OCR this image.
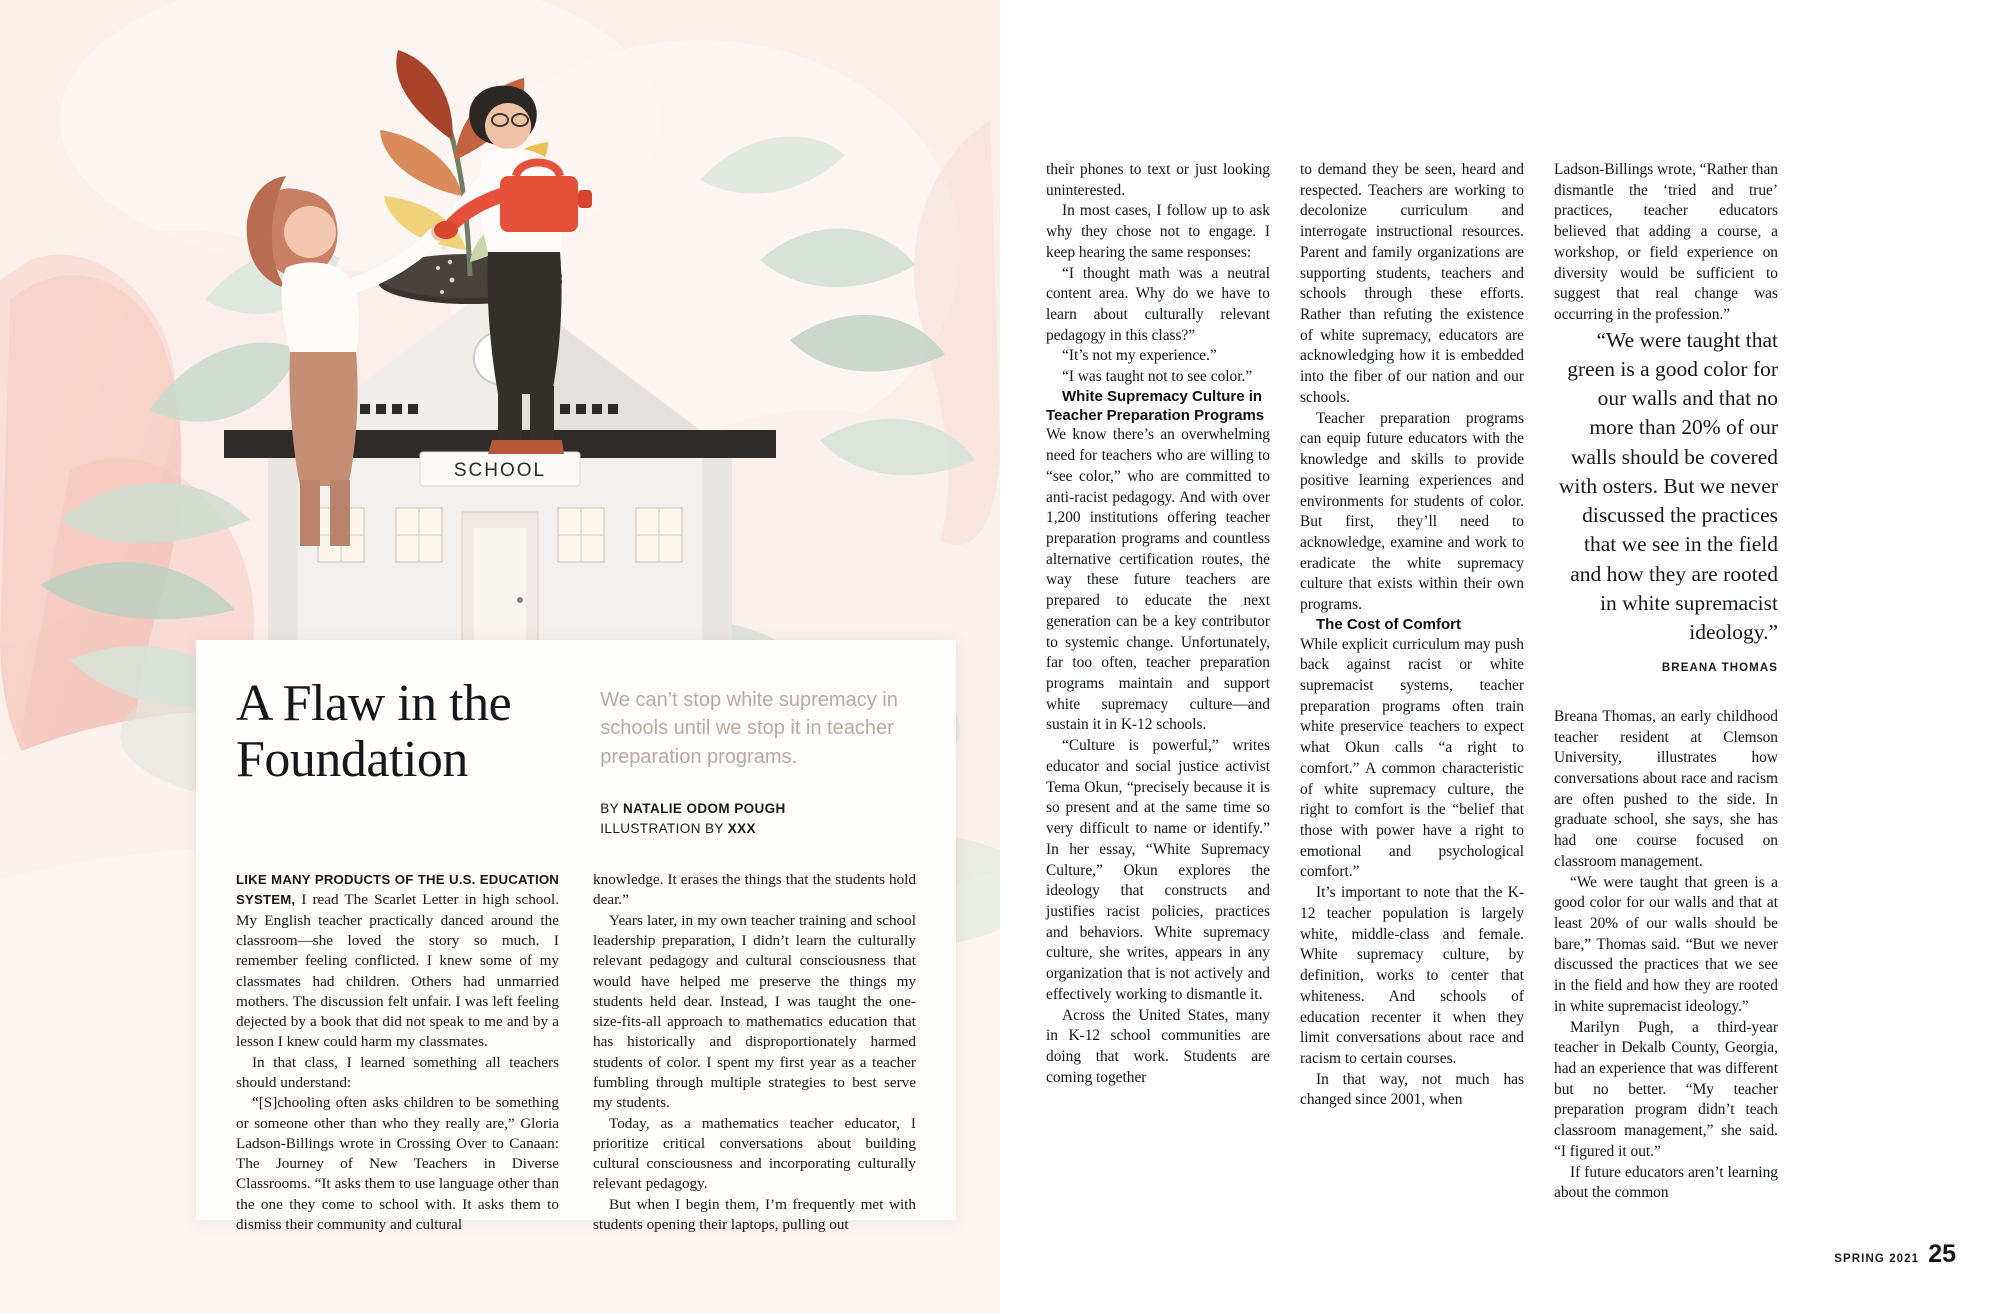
SCHOOL
A Flaw in the Foundation

We can’t stop white supremacy in schools until we stop it in teacher preparation programs.

BY NATALIE ODOM POUGH

ILLUSTRATION BY XXX

LIKE MANY PRODUCTS OF THE U.S. EDUCATION SYSTEM, I read The Scarlet Letter in high school. My English teacher practically danced around the classroom—she loved the story so much. I remember feeling conflicted. I knew some of my classmates had children. Others had unmarried mothers. The discussion felt unfair. I was left feeling dejected by a book that did not speak to me and by a lesson I knew could harm my classmates.

In that class, I learned something all teachers should understand:

“[S]chooling often asks children to be something or someone other than who they really are,” Gloria Ladson-Billings wrote in Crossing Over to Canaan: The Journey of New Teachers in Diverse Classrooms. “It asks them to use language other than the one they come to school with. It asks them to dismiss their community and cultural

knowledge. It erases the things that the students hold dear.”

Years later, in my own teacher training and school leadership preparation, I didn’t learn the culturally relevant pedagogy and cultural consciousness that would have helped me preserve the things my students held dear. Instead, I was taught the one-size-fits-all approach to mathematics education that has historically and disproportionately harmed students of color. I spent my first year as a teacher fumbling through multiple strategies to best serve my students.

Today, as a mathematics teacher educator, I prioritize critical conversations about building cultural consciousness and incorporating culturally relevant pedagogy.

But when I begin them, I’m frequently met with students opening their laptops, pulling out

their phones to text or just looking uninterested.

In most cases, I follow up to ask why they chose not to engage. I keep hearing the same responses:

“I thought math was a neutral content area. Why do we have to learn about culturally relevant pedagogy in this class?”

“It’s not my experience.”

“I was taught not to see color.”

White Supremacy Culture in Teacher Preparation Programs

We know there’s an overwhelming need for teachers who are willing to “see color,” who are committed to anti-racist pedagogy. And with over 1,200 institutions offering teacher preparation programs and countless alternative certification routes, the way these future teachers are prepared to educate the next generation can be a key contributor to systemic change. Unfortunately, far too often, teacher preparation programs maintain and support white supremacy culture—and sustain it in K-12 schools.

“Culture is powerful,” writes educator and social justice activist Tema Okun, “precisely because it is so present and at the same time so very difficult to name or identify.” In her essay, “White Supremacy Culture,” Okun explores the ideology that constructs and justifies racist policies, practices and behaviors. White supremacy culture, she writes, appears in any organization that is not actively and effectively working to dismantle it.

Across the United States, many in K-12 school communities are doing that work. Students are coming together

to demand they be seen, heard and respected. Teachers are working to decolonize curriculum and interrogate instructional resources. Parent and family organizations are supporting students, teachers and schools through these efforts. Rather than refuting the existence of white supremacy, educators are acknowledging how it is embedded into the fiber of our nation and our schools.

Teacher preparation programs can equip future educators with the knowledge and skills to provide positive learning experiences and environments for students of color. But first, they’ll need to acknowledge, examine and work to eradicate the white supremacy culture that exists within their own programs.

The Cost of Comfort

While explicit curriculum may push back against racist or white supremacist systems, teacher preparation programs often train white preservice teachers to expect what Okun calls “a right to comfort.” A common characteristic of white supremacy culture, the right to comfort is the “belief that those with power have a right to emotional and psychological comfort.”

It’s important to note that the K-12 teacher population is largely white, middle-class and female. White supremacy culture, by definition, works to center that whiteness. And schools of education recenter it when they limit conversations about race and racism to certain courses.

In that way, not much has changed since 2001, when

Ladson-Billings wrote, “Rather than dismantle the ‘tried and true’ practices, teacher educators believed that adding a course, a workshop, or field experience on diversity would be sufficient to suggest that real change was occurring in the profession.”

“We were taught that green is a good color for our walls and that no more than 20% of our walls should be covered with osters. But we never discussed the practices that we see in the field and how they are rooted in white supremacist ideology.”

BREANA THOMAS

Breana Thomas, an early childhood teacher resident at Clemson University, illustrates how conversations about race and racism are often pushed to the side. In graduate school, she says, she has had one course focused on classroom management.

“We were taught that green is a good color for our walls and that at least 20% of our walls should be bare,” Thomas said. “But we never discussed the practices that we see in the field and how they are rooted in white supremacist ideology.”

Marilyn Pugh, a third-year teacher in Dekalb County, Georgia, had an experience that was different but no better. “My teacher preparation program didn’t teach classroom management,” she said. “I figured it out.”

If future educators aren’t learning about the common

SPRING 2021 25
